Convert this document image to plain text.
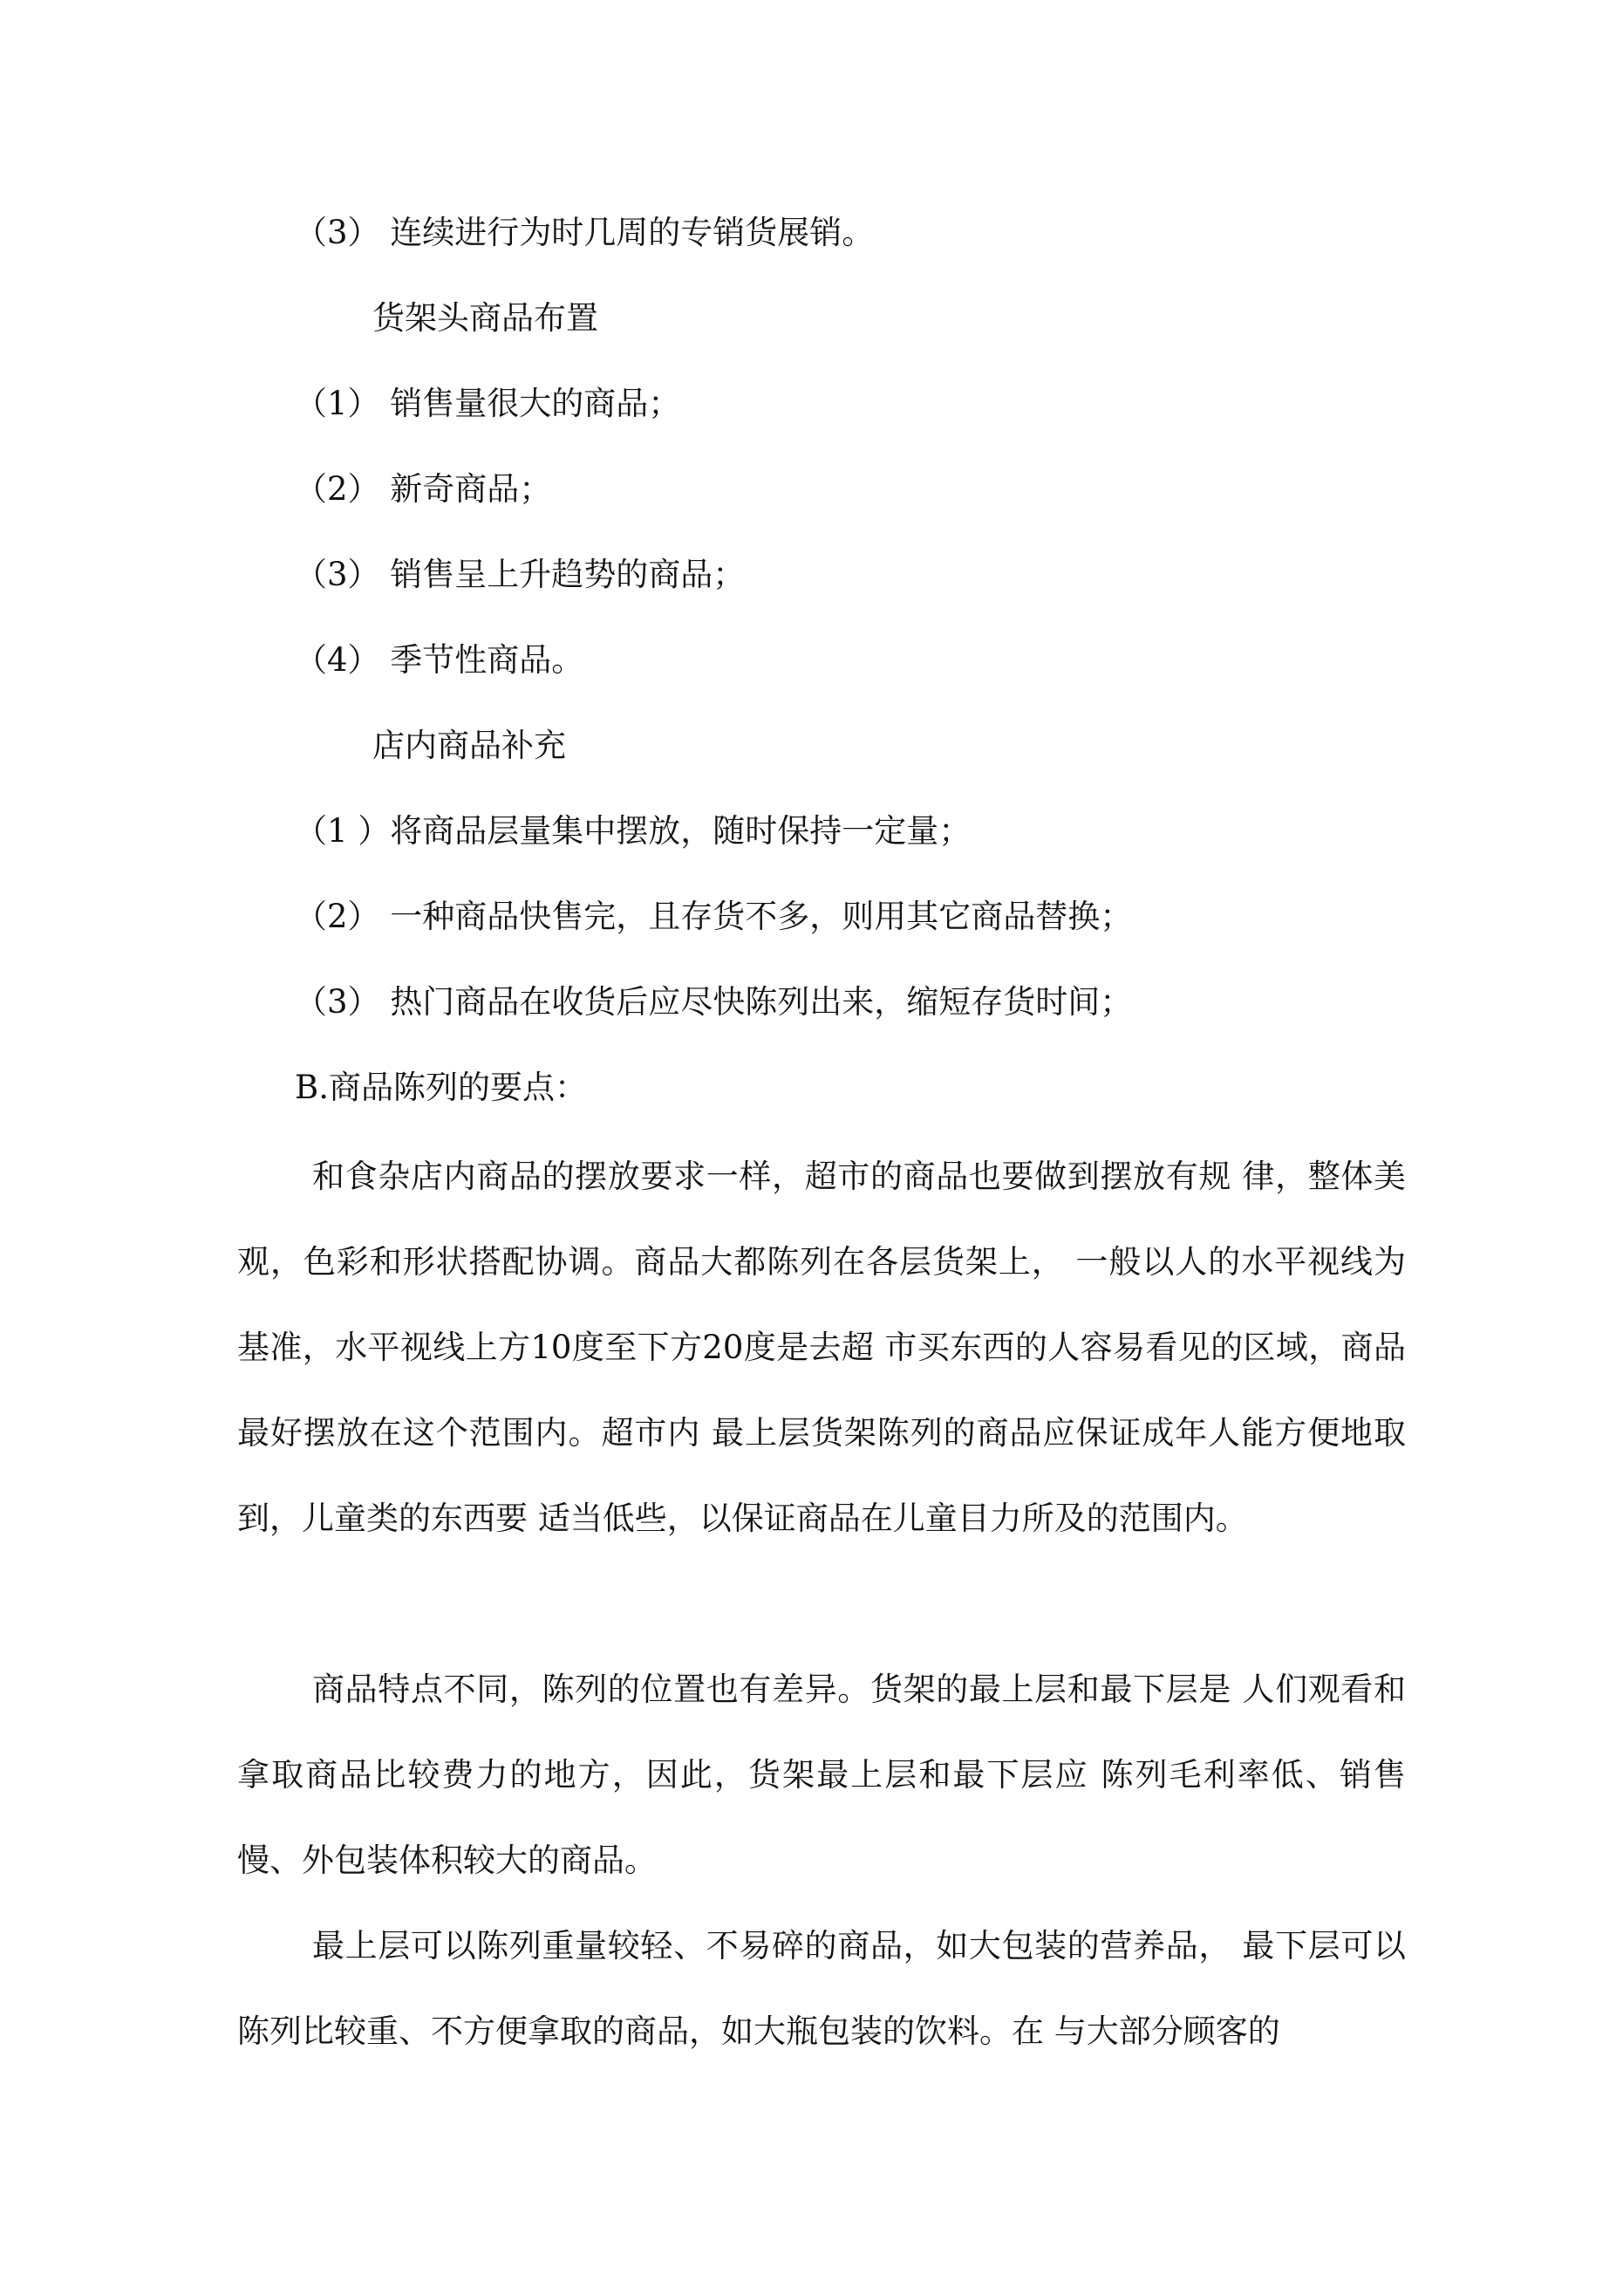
（3） 连续进行为时几周的专销货展销。

货架头商品布置

（1） 销售量很大的商品；

（2） 新奇商品；

（3） 销售呈上升趋势的商品；

（4） 季节性商品。

店内商品补充

（1 ）将商品层量集中摆放，随时保持一定量；

（2） 一种商品快售完，且存货不多，则用其它商品替换；

（3） 热门商品在收货后应尽快陈列出来，缩短存货时间；

B.商品陈列的要点：

和食杂店内商品的摆放要求一样，超市的商品也要做到摆放有规 律，整体美观，色彩和形状搭配协调。商品大都陈列在各层货架上， 一般以人的水平视线为基准，水平视线上方10度至下方20度是去超 市买东西的人容易看见的区域，商品最好摆放在这个范围内。超市内 最上层货架陈列的商品应保证成年人能方便地取到，儿童类的东西要 适当低些，以保证商品在儿童目力所及的范围内。

商品特点不同，陈列的位置也有差异。货架的最上层和最下层是 人们观看和拿取商品比较费力的地方，因此，货架最上层和最下层应 陈列毛利率低、销售慢、外包装体积较大的商品。

最上层可以陈列重量较轻、不易碎的商品，如大包装的营养品， 最下层可以陈列比较重、不方便拿取的商品，如大瓶包装的饮料。在 与大部分顾客的
